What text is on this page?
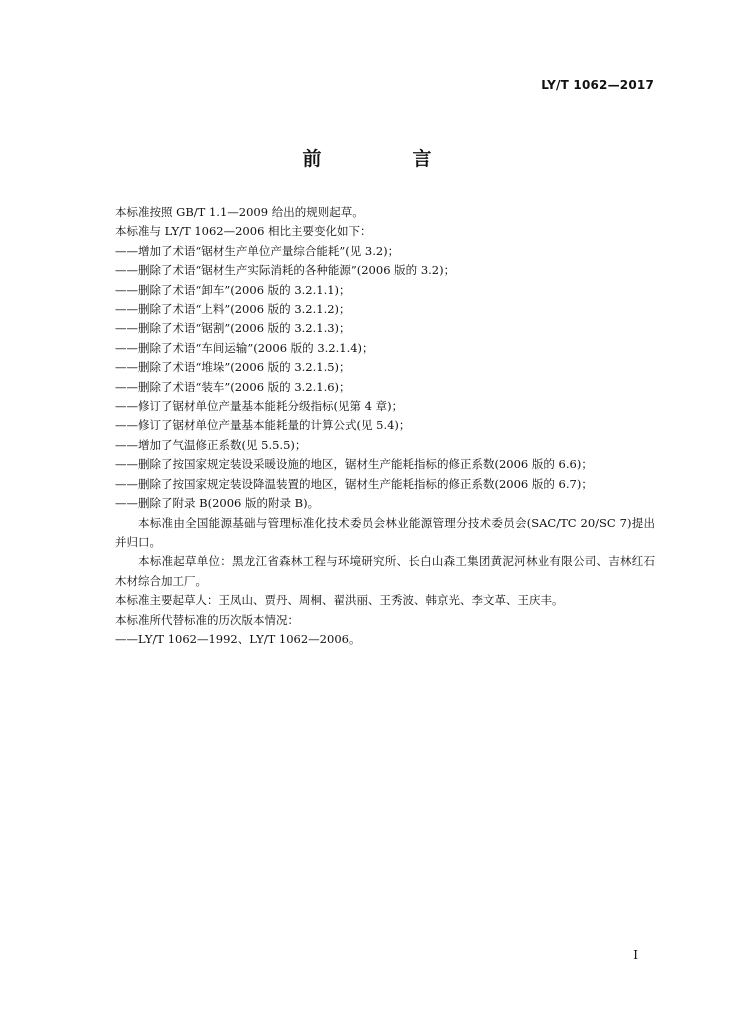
LY/T 1062—2017
前　言
本标准按照 GB/T 1.1—2009 给出的规则起草。
本标准与 LY/T 1062—2006 相比主要变化如下：
——增加了术语“锯材生产单位产量综合能耗”(见 3.2)；
——删除了术语“锯材生产实际消耗的各种能源”(2006 版的 3.2)；
——删除了术语“卸车”(2006 版的 3.2.1.1)；
——删除了术语“上料”(2006 版的 3.2.1.2)；
——删除了术语“锯割”(2006 版的 3.2.1.3)；
——删除了术语“车间运输”(2006 版的 3.2.1.4)；
——删除了术语“堆垛”(2006 版的 3.2.1.5)；
——删除了术语“装车”(2006 版的 3.2.1.6)；
——修订了锯材单位产量基本能耗分级指标(见第 4 章)；
——修订了锯材单位产量基本能耗量的计算公式(见 5.4)；
——增加了气温修正系数(见 5.5.5)；
——删除了按国家规定装设采暖设施的地区，锯材生产能耗指标的修正系数(2006 版的 6.6)；
——删除了按国家规定装设降温装置的地区，锯材生产能耗指标的修正系数(2006 版的 6.7)；
——删除了附录 B(2006 版的附录 B)。
本标准由全国能源基础与管理标准化技术委员会林业能源管理分技术委员会(SAC/TC 20/SC 7)提出并归口。
本标准起草单位：黑龙江省森林工程与环境研究所、长白山森工集团黄泥河林业有限公司、吉林红石木材综合加工厂。
本标准主要起草人：王凤山、贾丹、周桐、翟洪丽、王秀波、韩京光、李文革、王庆丰。
本标准所代替标准的历次版本情况：
——LY/T 1062—1992、LY/T 1062—2006。
I
